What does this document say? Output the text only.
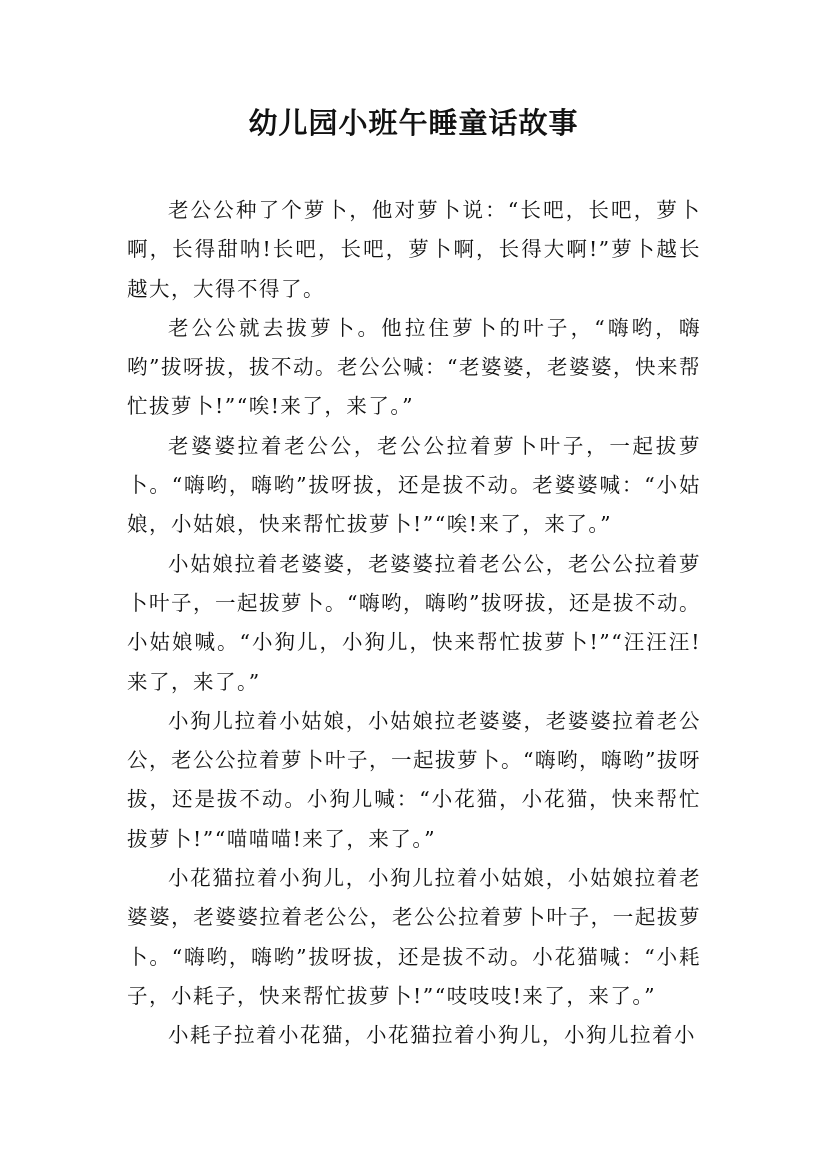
幼儿园小班午睡童话故事

老公公种了个萝卜，他对萝卜说：“长吧，长吧，萝卜啊，长得甜呐!长吧，长吧，萝卜啊，长得大啊!”萝卜越长越大，大得不得了。

老公公就去拔萝卜。他拉住萝卜的叶子，“嗨哟，嗨哟”拔呀拔，拔不动。老公公喊：“老婆婆，老婆婆，快来帮忙拔萝卜!”“唉!来了，来了。”

老婆婆拉着老公公，老公公拉着萝卜叶子，一起拔萝卜。“嗨哟，嗨哟”拔呀拔，还是拔不动。老婆婆喊：“小姑娘，小姑娘，快来帮忙拔萝卜!”“唉!来了，来了。”

小姑娘拉着老婆婆，老婆婆拉着老公公，老公公拉着萝卜叶子，一起拔萝卜。“嗨哟，嗨哟”拔呀拔，还是拔不动。小姑娘喊。“小狗儿，小狗儿，快来帮忙拔萝卜!”“汪汪汪!来了，来了。”

小狗儿拉着小姑娘，小姑娘拉老婆婆，老婆婆拉着老公公，老公公拉着萝卜叶子，一起拔萝卜。“嗨哟，嗨哟”拔呀拔，还是拔不动。小狗儿喊：“小花猫，小花猫，快来帮忙拔萝卜!”“喵喵喵!来了，来了。”

小花猫拉着小狗儿，小狗儿拉着小姑娘，小姑娘拉着老婆婆，老婆婆拉着老公公，老公公拉着萝卜叶子，一起拔萝卜。“嗨哟，嗨哟”拔呀拔，还是拔不动。小花猫喊：“小耗子，小耗子，快来帮忙拔萝卜!”“吱吱吱!来了，来了。”

小耗子拉着小花猫，小花猫拉着小狗儿，小狗儿拉着小
